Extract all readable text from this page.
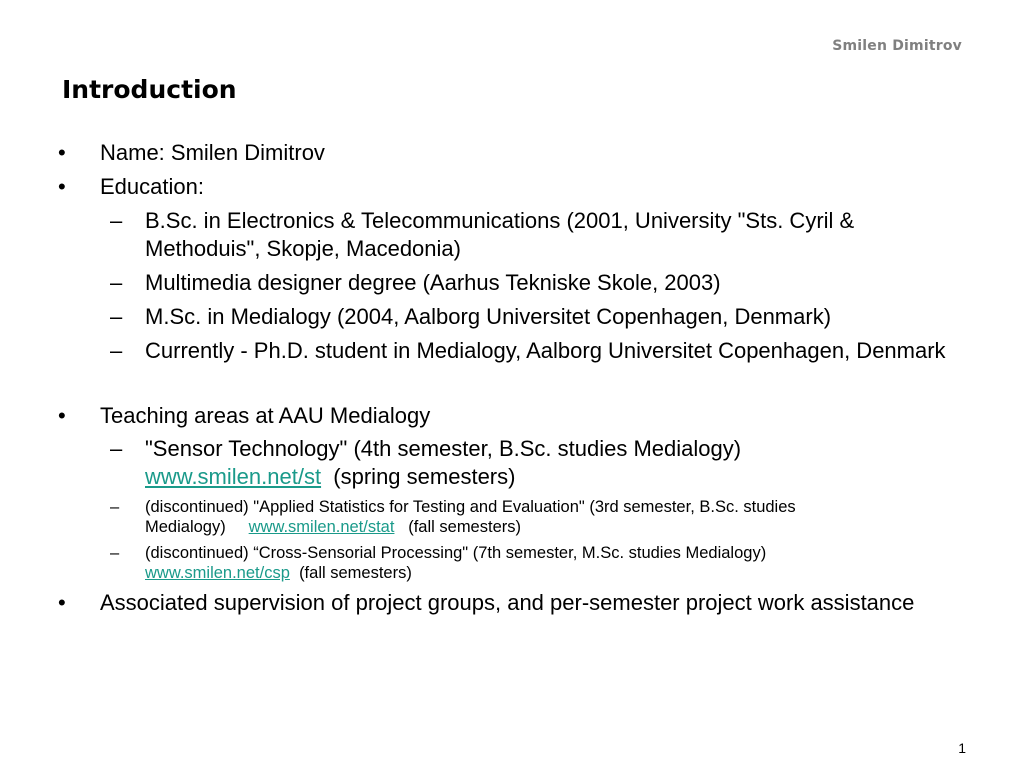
Smilen Dimitrov
Introduction
•	Name: Smilen Dimitrov
•	Education:
– B.Sc. in Electronics & Telecommunications (2001, University "Sts. Cyril & Methoduis", Skopje, Macedonia)
– Multimedia designer degree (Aarhus Tekniske Skole, 2003)
– M.Sc. in Medialogy (2004, Aalborg Universitet Copenhagen, Denmark)
– Currently - Ph.D. student in Medialogy, Aalborg Universitet Copenhagen, Denmark
•	Teaching areas at AAU Medialogy
– "Sensor Technology" (4th semester, B.Sc. studies Medialogy)
www.smilen.net/st (spring semesters)
– (discontinued) "Applied Statistics for Testing and Evaluation" (3rd semester, B.Sc. studies Medialogy) www.smilen.net/stat (fall semesters)
– (discontinued) “Cross-Sensorial Processing" (7th semester, M.Sc. studies Medialogy)
www.smilen.net/csp (fall semesters)
•	Associated supervision of project groups, and per-semester project work assistance
1
